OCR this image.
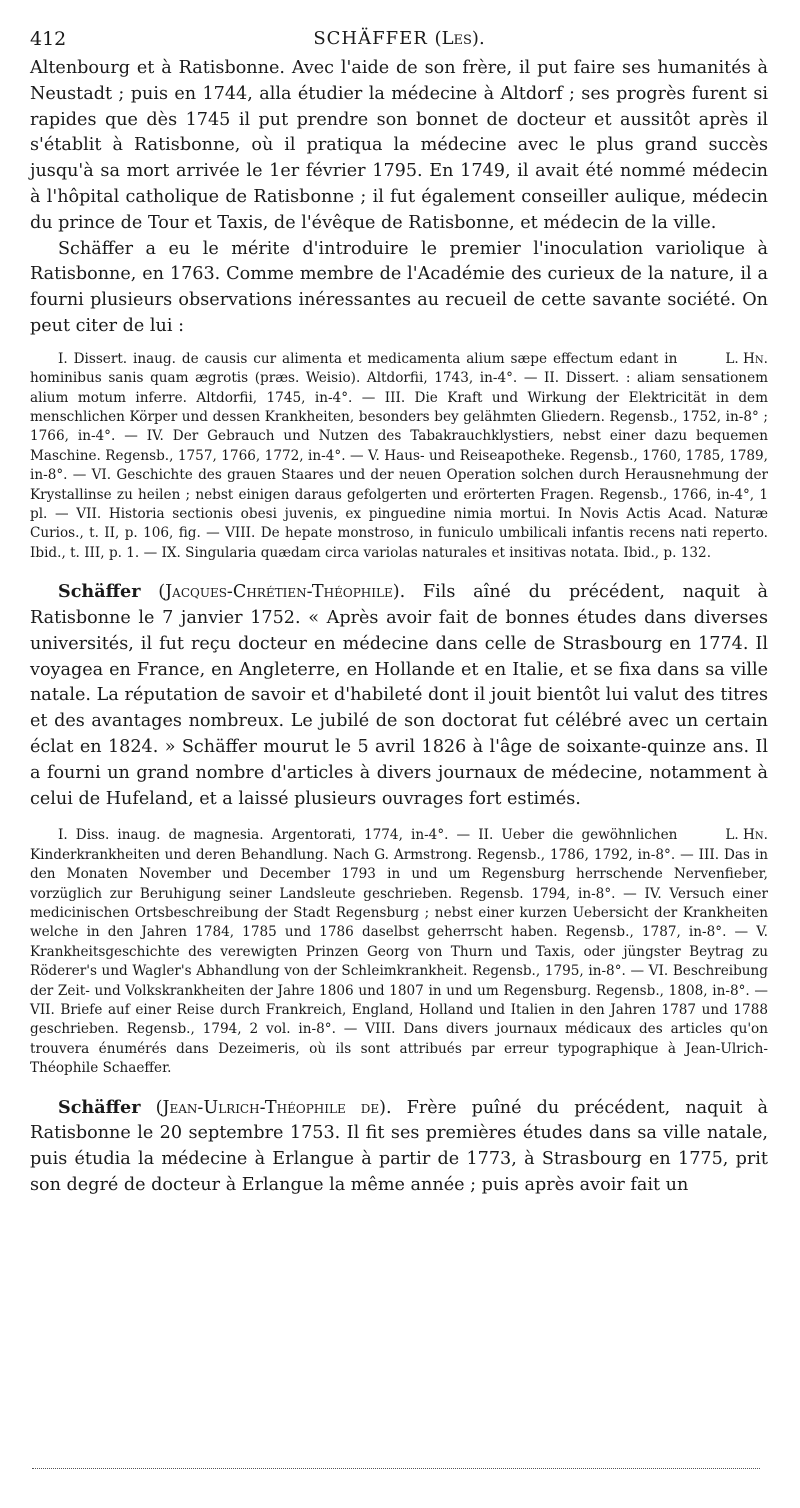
412	SCHÄFFER (Les).

Altenbourg et à Ratisbonne. Avec l'aide de son frère, il put faire ses humanités à Neustadt ; puis en 1744, alla étudier la médecine à Altdorf ; ses progrès furent si rapides que dès 1745 il put prendre son bonnet de docteur et aussitôt après il s'établit à Ratisbonne, où il pratiqua la médecine avec le plus grand succès jusqu'à sa mort arrivée le 1er février 1795. En 1749, il avait été nommé médecin à l'hôpital catholique de Ratisbonne ; il fut également conseiller aulique, médecin du prince de Tour et Taxis, de l'évêque de Ratisbonne, et médecin de la ville.

Schäffer a eu le mérite d'introduire le premier l'inoculation variolique à Ratisbonne, en 1763. Comme membre de l'Académie des curieux de la nature, il a fourni plusieurs observations inéressantes au recueil de cette savante société. On peut citer de lui :

L. Hn.
I. Dissert. inaug. de causis cur alimenta et medicamenta alium sæpe effectum edant in hominibus sanis quam ægrotis (præs. Weisio). Altdorfii, 1743, in-4°. — II. Dissert. : aliam sensationem alium motum inferre. Altdorfii, 1745, in-4°. — III. Die Kraft und Wirkung der Elektricität in dem menschlichen Körper und dessen Krankheiten, besonders bey gelähmten Gliedern. Regensb., 1752, in-8° ; 1766, in-4°. — IV. Der Gebrauch und Nutzen des Tabakrauchklystiers, nebst einer dazu bequemen Maschine. Regensb., 1757, 1766, 1772, in-4°. — V. Haus- und Reiseapotheke. Regensb., 1760, 1785, 1789, in-8°. — VI. Geschichte des grauen Staares und der neuen Operation solchen durch Herausnehmung der Krystallinse zu heilen ; nebst einigen daraus gefolgerten und erörterten Fragen. Regensb., 1766, in-4°, 1 pl. — VII. Historia sectionis obesi juvenis, ex pinguedine nimia mortui. In Novis Actis Acad. Naturæ Curios., t. II, p. 106, fig. — VIII. De hepate monstroso, in funiculo umbilicali infantis recens nati reperto. Ibid., t. III, p. 1. — IX. Singularia quædam circa variolas naturales et insitivas notata. Ibid., p. 132.

Schäffer (Jacques-Chrétien-Théophile). Fils aîné du précédent, naquit à Ratisbonne le 7 janvier 1752. « Après avoir fait de bonnes études dans diverses universités, il fut reçu docteur en médecine dans celle de Strasbourg en 1774. Il voyagea en France, en Angleterre, en Hollande et en Italie, et se fixa dans sa ville natale. La réputation de savoir et d'habileté dont il jouit bientôt lui valut des titres et des avantages nombreux. Le jubilé de son doctorat fut célébré avec un certain éclat en 1824. » Schäffer mourut le 5 avril 1826 à l'âge de soixante-quinze ans. Il a fourni un grand nombre d'articles à divers journaux de médecine, notamment à celui de Hufeland, et a laissé plusieurs ouvrages fort estimés.

L. Hn.
I. Diss. inaug. de magnesia. Argentorati, 1774, in-4°. — II. Ueber die gewöhnlichen Kinderkrankheiten und deren Behandlung. Nach G. Armstrong. Regensb., 1786, 1792, in-8°. — III. Das in den Monaten November und December 1793 in und um Regensburg herrschende Nervenfieber, vorzüglich zur Beruhigung seiner Landsleute geschrieben. Regensb. 1794, in-8°. — IV. Versuch einer medicinischen Ortsbeschreibung der Stadt Regensburg ; nebst einer kurzen Uebersicht der Krankheiten welche in den Jahren 1784, 1785 und 1786 daselbst geherrscht haben. Regensb., 1787, in-8°. — V. Krankheitsgeschichte des verewigten Prinzen Georg von Thurn und Taxis, oder jüngster Beytrag zu Röderer's und Wagler's Abhandlung von der Schleimkrankheit. Regensb., 1795, in-8°. — VI. Beschreibung der Zeit- und Volkskrankheiten der Jahre 1806 und 1807 in und um Regensburg. Regensb., 1808, in-8°. — VII. Briefe auf einer Reise durch Frankreich, England, Holland und Italien in den Jahren 1787 und 1788 geschrieben. Regensb., 1794, 2 vol. in-8°. — VIII. Dans divers journaux médicaux des articles qu'on trouvera énumérés dans Dezeimeris, où ils sont attribués par erreur typographique à Jean-Ulrich-Théophile Schaeffer.

Schäffer (Jean-Ulrich-Théophile de). Frère puîné du précédent, naquit à Ratisbonne le 20 septembre 1753. Il fit ses premières études dans sa ville natale, puis étudia la médecine à Erlangue à partir de 1773, à Strasbourg en 1775, prit son degré de docteur à Erlangue la même année ; puis après avoir fait un
